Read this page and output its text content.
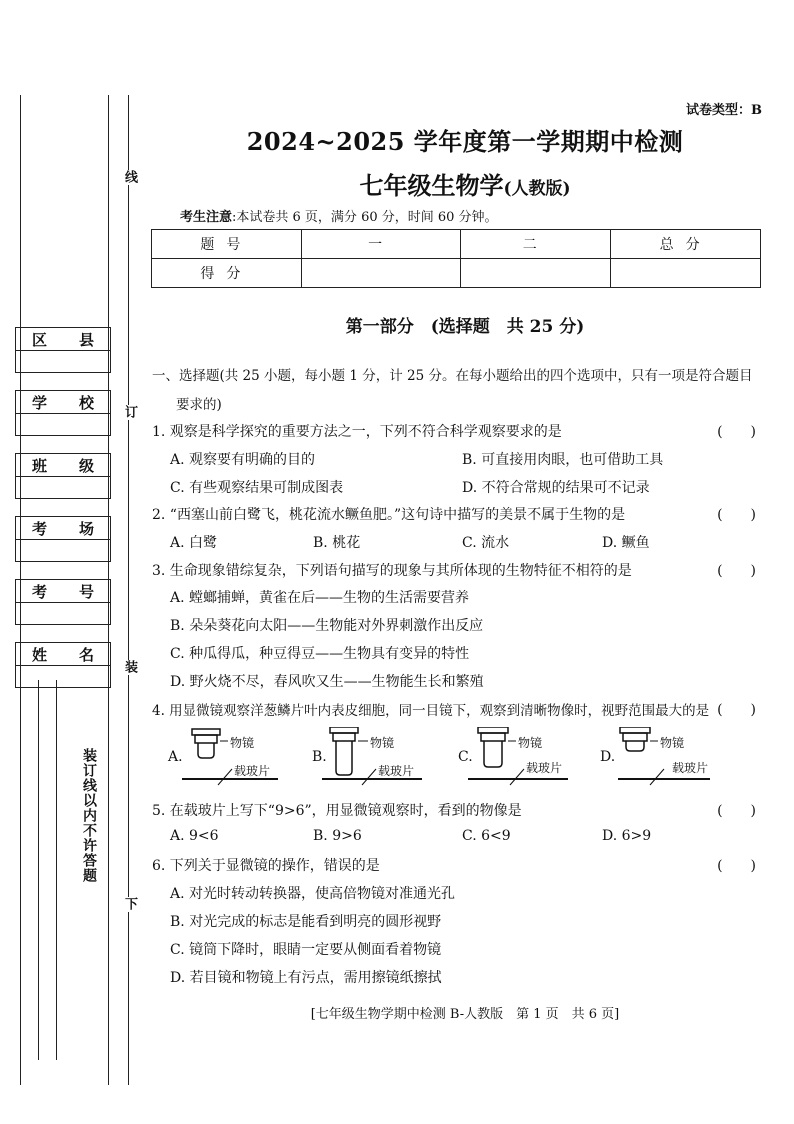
区 县
学 校
班 级
考 场
考 号
姓 名
线
订
装
下
装订线以内不许答题
试卷类型：B
2024~2025 学年度第一学期期中检测
七年级生物学(人教版)
考生注意:本试卷共 6 页，满分 60 分，时间 60 分钟。
题号	一	二	总分
得分			
第一部分　(选择题　共 25 分)
一、选择题(共 25 小题，每小题 1 分，计 25 分。在每小题给出的四个选项中，只有一项是符合题目
要求的)
1. 观察是科学探究的重要方法之一，下列不符合科学观察要求的是	(　　)
A. 观察要有明确的目的	B. 可直接用肉眼，也可借助工具
C. 有些观察结果可制成图表	D. 不符合常规的结果可不记录
2. “西塞山前白鹭飞，桃花流水鳜鱼肥。”这句诗中描写的美景不属于生物的是	(　　)
A. 白鹭	B. 桃花	C. 流水	D. 鳜鱼
3. 生命现象错综复杂，下列语句描写的现象与其所体现的生物特征不相符的是	(　　)
A. 螳螂捕蝉，黄雀在后——生物的生活需要营养
B. 朵朵葵花向太阳——生物能对外界刺激作出反应
C. 种瓜得瓜，种豆得豆——生物具有变异的特性
D. 野火烧不尽，春风吹又生——生物能生长和繁殖
4. 用显微镜观察洋葱鳞片叶内表皮细胞，同一目镜下，观察到清晰物像时，视野范围最大的是 (　　)
A.
物镜
载玻片
B.
物镜
载玻片
C.
物镜
载玻片
D.
物镜
载玻片
5. 在载玻片上写下“9>6”，用显微镜观察时，看到的物像是	(　　)
A. 9<6	B. 9>6	C. 6<9	D. 6>9
6. 下列关于显微镜的操作，错误的是	(　　)
A. 对光时转动转换器，使高倍物镜对准通光孔
B. 对光完成的标志是能看到明亮的圆形视野
C. 镜筒下降时，眼睛一定要从侧面看着物镜
D. 若目镜和物镜上有污点，需用擦镜纸擦拭
[七年级生物学期中检测 B-人教版　第 1 页　共 6 页]
